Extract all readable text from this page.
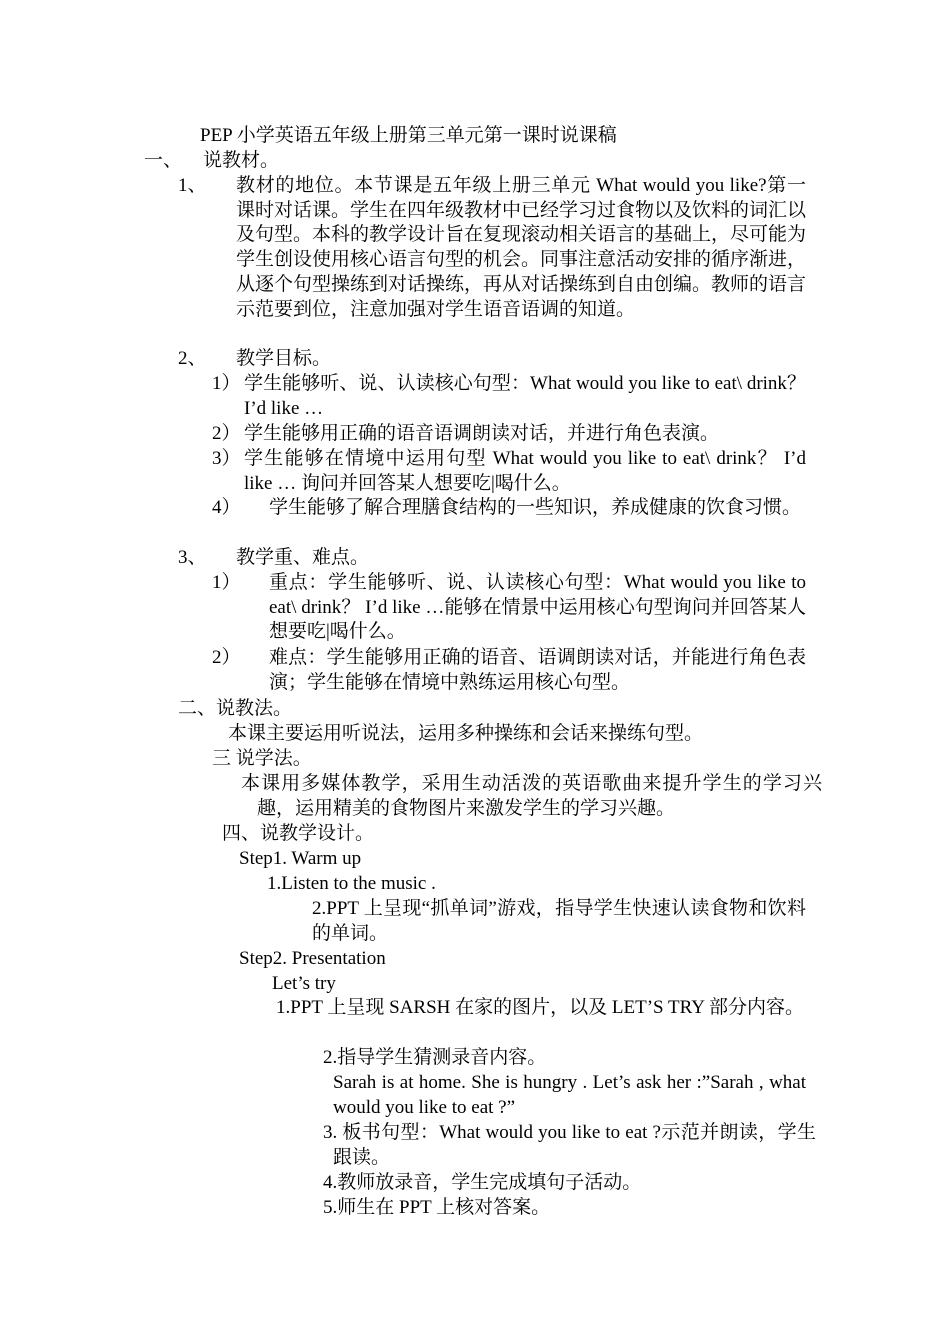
PEP 小学英语五年级上册第三单元第一课时说课稿
一、 说教材。
1、 教材的地位。本节课是五年级上册三单元 What would you like?第一课时对话课。学生在四年级教材中已经学习过食物以及饮料的词汇以及句型。本科的教学设计旨在复现滚动相关语言的基础上，尽可能为学生创设使用核心语言句型的机会。同事注意活动安排的循序渐进，从逐个句型操练到对话操练，再从对话操练到自由创编。教师的语言示范要到位，注意加强对学生语音语调的知道。
2、 教学目标。
1） 学生能够听、说、认读核心句型：What would you like to eat\ drink？ I’d like …
2） 学生能够用正确的语音语调朗读对话，并进行角色表演。
3） 学生能够在情境中运用句型 What would you like to eat\ drink？ I’d like … 询问并回答某人想要吃|喝什么。
4） 学生能够了解合理膳食结构的一些知识，养成健康的饮食习惯。
3、 教学重、难点。
1） 重点：学生能够听、说、认读核心句型：What would you like to eat\ drink？ I’d like …能够在情景中运用核心句型询问并回答某人想要吃|喝什么。
2） 难点：学生能够用正确的语音、语调朗读对话，并能进行角色表演；学生能够在情境中熟练运用核心句型。
二、说教法。
本课主要运用听说法，运用多种操练和会话来操练句型。
三 说学法。
本课用多媒体教学，采用生动活泼的英语歌曲来提升学生的学习兴趣，运用精美的食物图片来激发学生的学习兴趣。
四、说教学设计。
Step1. Warm up
1.Listen to the music .
2.PPT 上呈现“抓单词”游戏，指导学生快速认读食物和饮料的单词。
Step2. Presentation
Let’s try
1.PPT 上呈现 SARSH 在家的图片，以及 LET’S TRY 部分内容。
2.指导学生猜测录音内容。
Sarah is at home. She is hungry . Let’s ask her :”Sarah , what would you like to eat ?”
3. 板书句型：What would you like to eat ?示范并朗读，学生跟读。
4.教师放录音，学生完成填句子活动。
5.师生在 PPT 上核对答案。
